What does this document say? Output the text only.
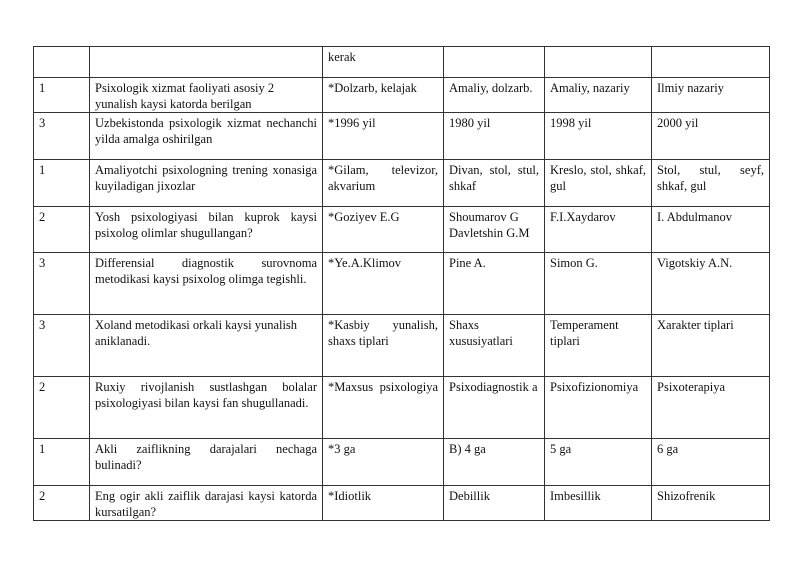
		kerak			
1	Psixologik xizmat faoliyati asosiy 2 yunalish kaysi katorda berilgan	*Dolzarb, kelajak	Amaliy, dolzarb.	Amaliy, nazariy	Ilmiy nazariy
3	Uzbekistonda psixologik xizmat nechanchi yilda amalga oshirilgan	*1996 yil	1980 yil	1998 yil	2000 yil
1	Amaliyotchi psixologning trening xonasiga kuyiladigan jixozlar	*Gilam, televizor, akvarium	Divan, stol, stul, shkaf	Kreslo, stol, shkaf, gul	Stol, stul, seyf, shkaf, gul
2	Yosh psixologiyasi bilan kuprok kaysi psixolog olimlar shugullangan?	*Goziyev E.G	Shoumarov G Davletshin G.M	F.I.Xaydarov	I. Abdulmanov
3	Differensial diagnostik surovnoma metodikasi kaysi psixolog olimga tegishli.	*Ye.A.Klimov	Pine A.	Simon G.	Vigotskiy A.N.
3	Xoland metodikasi orkali kaysi yunalish aniklanadi.	*Kasbiy yunalish, shaxs tiplari	Shaxs xususiyatlari	Temperament tiplari	Xarakter tiplari
2	Ruxiy rivojlanish sustlashgan bolalar psixologiyasi bilan kaysi fan shugullanadi.	*Maxsus psixologiya	Psixodiagnostik a	Psixofizionomiya	Psixoterapiya
1	Akli zaiflikning darajalari nechaga bulinadi?	*3 ga	B) 4 ga	5 ga	6 ga
2	Eng ogir akli zaiflik darajasi kaysi katorda kursatilgan?	*Idiotlik	Debillik	Imbesillik	Shizofrenik
